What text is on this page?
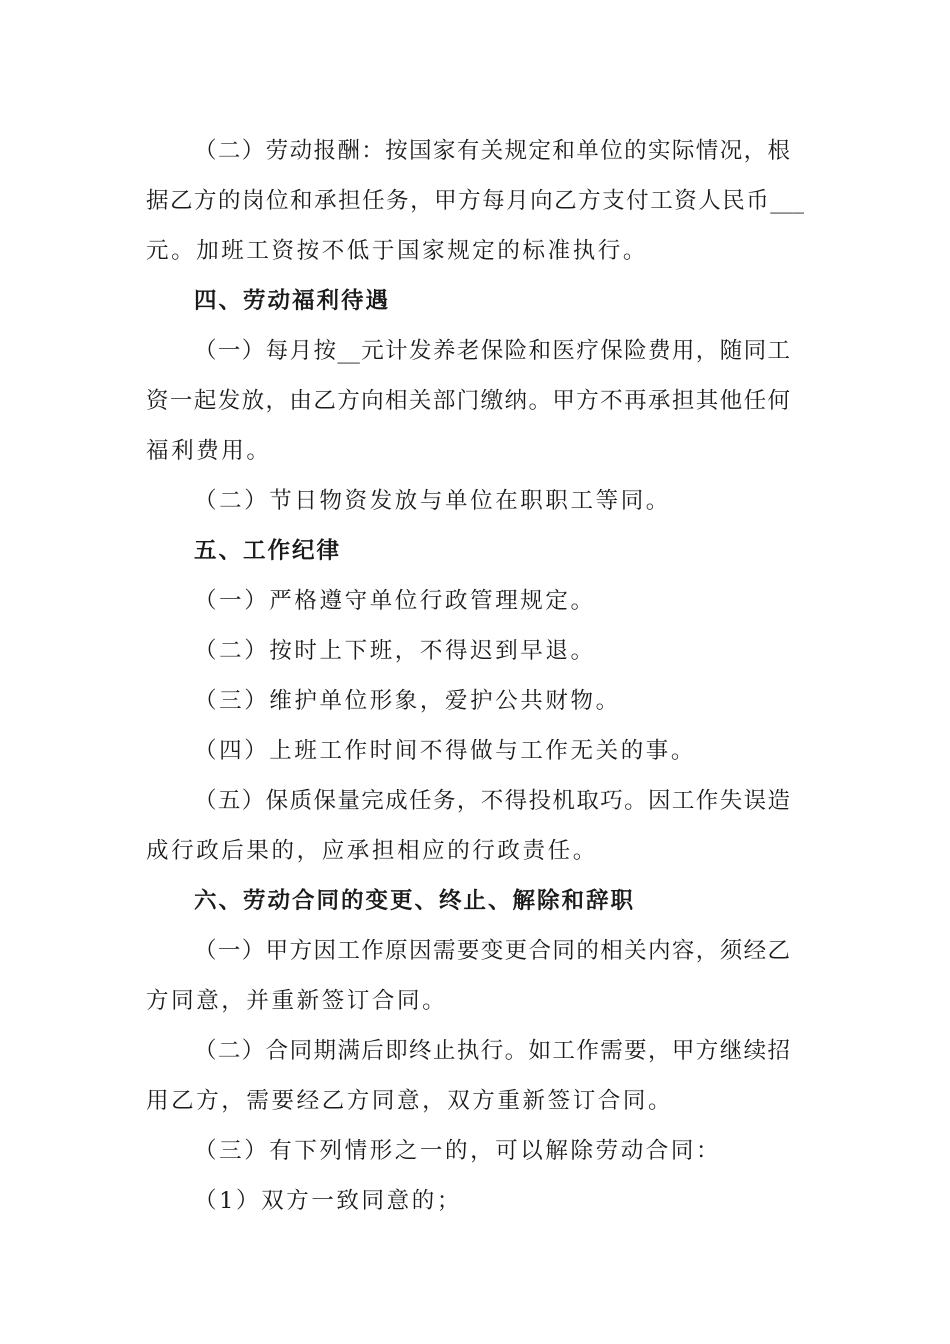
（二）劳动报酬：按国家有关规定和单位的实际情况，根
据乙方的岗位和承担任务，甲方每月向乙方支付工资人民币___
元。加班工资按不低于国家规定的标准执行。
四、劳动福利待遇
（一）每月按__元计发养老保险和医疗保险费用，随同工
资一起发放，由乙方向相关部门缴纳。甲方不再承担其他任何
福利费用。
（二）节日物资发放与单位在职职工等同。
五、工作纪律
（一）严格遵守单位行政管理规定。
（二）按时上下班，不得迟到早退。
（三）维护单位形象，爱护公共财物。
（四）上班工作时间不得做与工作无关的事。
（五）保质保量完成任务，不得投机取巧。因工作失误造
成行政后果的，应承担相应的行政责任。
六、劳动合同的变更、终止、解除和辞职
（一）甲方因工作原因需要变更合同的相关内容，须经乙
方同意，并重新签订合同。
（二）合同期满后即终止执行。如工作需要，甲方继续招
用乙方，需要经乙方同意，双方重新签订合同。
（三）有下列情形之一的，可以解除劳动合同：
（1）双方一致同意的；
